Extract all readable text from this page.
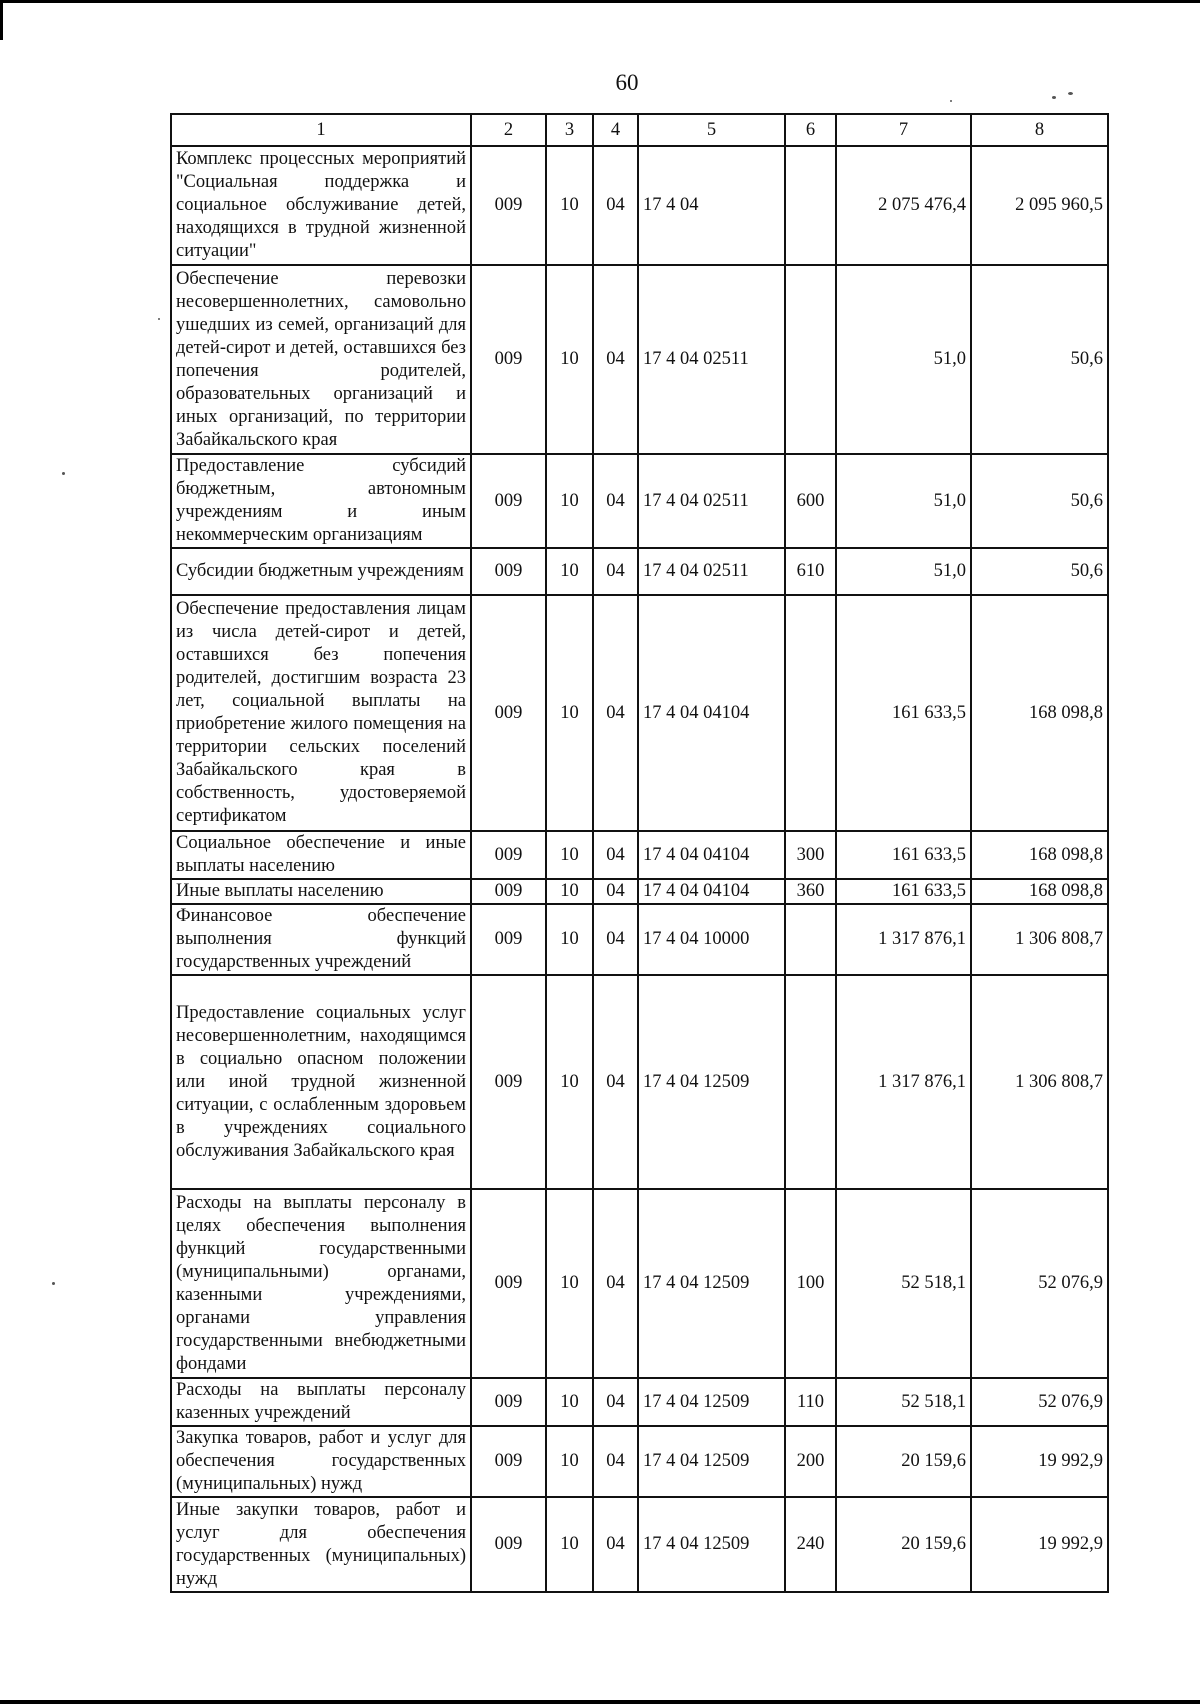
60
1	2	3	4	5	6	7	8
Комплекс процессных мероприятий "Социальная поддержка и социальное обслуживание детей, находящихся в трудной жизненной ситуации"	009	10	04	17 4 04		2 075 476,4	2 095 960,5
Обеспечение перевозки несовершеннолетних, самовольно ушедших из семей, организаций для детей-сирот и детей, оставшихся без попечения родителей, образовательных организаций и иных организаций, по территории Забайкальского края	009	10	04	17 4 04 02511		51,0	50,6
Предоставление субсидий бюджетным, автономным учреждениям и иным некоммерческим организациям	009	10	04	17 4 04 02511	600	51,0	50,6
Субсидии бюджетным учреждениям	009	10	04	17 4 04 02511	610	51,0	50,6
Обеспечение предоставления лицам из числа детей-сирот и детей, оставшихся без попечения родителей, достигшим возраста 23 лет, социальной выплаты на приобретение жилого помещения на территории сельских поселений Забайкальского края в собственность, удостоверяемой сертификатом	009	10	04	17 4 04 04104		161 633,5	168 098,8
Социальное обеспечение и иные выплаты населению	009	10	04	17 4 04 04104	300	161 633,5	168 098,8
Иные выплаты населению	009	10	04	17 4 04 04104	360	161 633,5	168 098,8
Финансовое обеспечение выполнения функций государственных учреждений	009	10	04	17 4 04 10000		1 317 876,1	1 306 808,7
Предоставление социальных услуг несовершеннолетним, находящимся в социально опасном положении или иной трудной жизненной ситуации, с ослабленным здоровьем в учреждениях социального обслуживания Забайкальского края	009	10	04	17 4 04 12509		1 317 876,1	1 306 808,7
Расходы на выплаты персоналу в целях обеспечения выполнения функций государственными (муниципальными) органами, казенными учреждениями, органами управления государственными внебюджетными фондами	009	10	04	17 4 04 12509	100	52 518,1	52 076,9
Расходы на выплаты персоналу казенных учреждений	009	10	04	17 4 04 12509	110	52 518,1	52 076,9
Закупка товаров, работ и услуг для обеспечения государственных (муниципальных) нужд	009	10	04	17 4 04 12509	200	20 159,6	19 992,9
Иные закупки товаров, работ и услуг для обеспечения государственных (муниципальных) нужд	009	10	04	17 4 04 12509	240	20 159,6	19 992,9
